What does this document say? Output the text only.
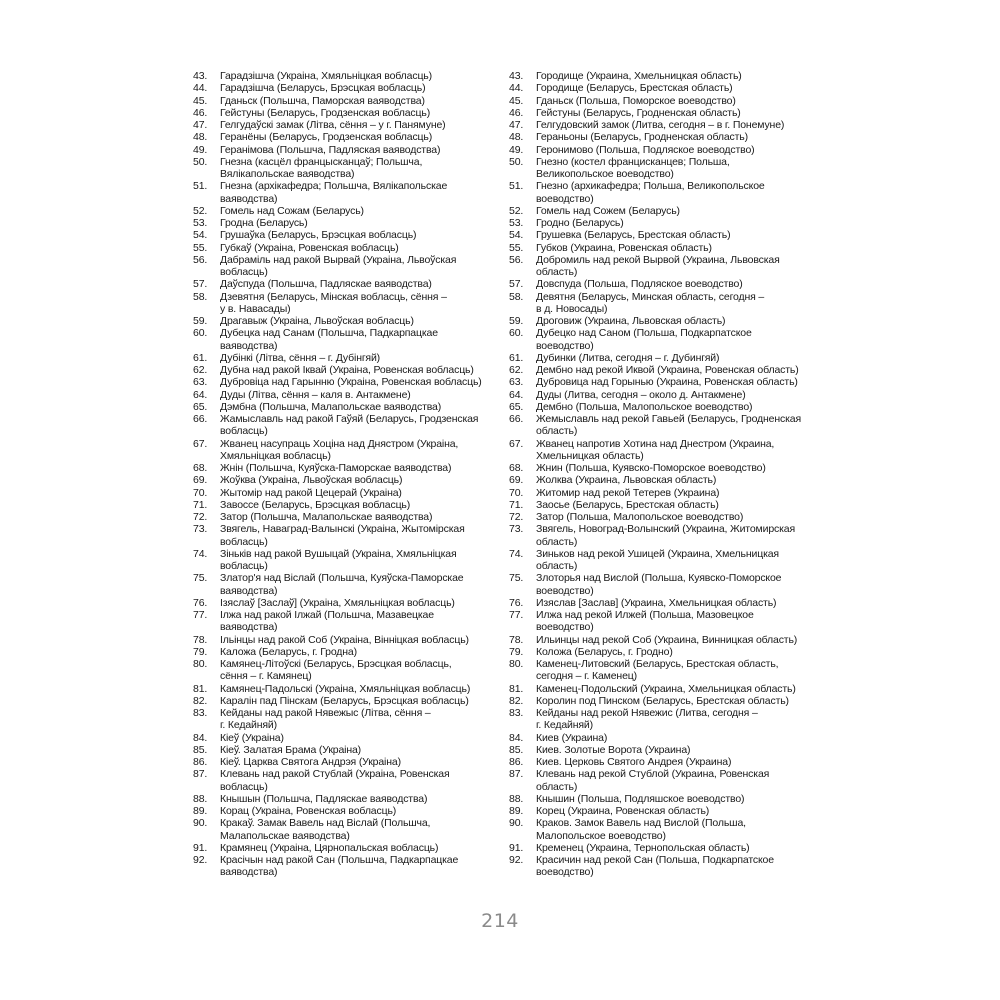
43.	Гарадзішча (Украіна, Хмяльніцкая вобласць)
44.	Гарадзішча (Беларусь, Брэсцкая вобласць)
45.	Гданьск (Польшча, Паморская ваяводства)
46.	Гейстуны (Беларусь, Гродзенская вобласць)
47.	Гелгудаўскі замак (Літва, сёння – у г. Панямуне)
48.	Геранёны (Беларусь, Гродзенская вобласць)
49.	Геранімова (Польшча, Падляская ваяводства)
50.	Гнезна (касцёл францысканцаў; Польшча,
Вялікапольскае ваяводства)
51.	Гнезна (архікафедра; Польшча, Вялікапольскае
ваяводства)
52.	Гомель над Сожам (Беларусь)
53.	Гродна (Беларусь)
54.	Грушаўка (Беларусь, Брэсцкая вобласць)
55.	Губкаў (Украіна, Ровенская вобласць)
56.	Дабраміль над ракой Вырвай (Украіна, Львоўская
вобласць)
57.	Даўспуда (Польшча, Падляскае ваяводства)
58.	Дзевятня (Беларусь, Мінская вобласць, сёння –
у в. Навасады)
59.	Драгавыж (Украіна, Львоўская вобласць)
60.	Дубецка над Санам (Польшча, Падкарпацкае
ваяводства)
61.	Дубінкі (Літва, сёння – г. Дубінгяй)
62.	Дубна над ракой Іквай (Украіна, Ровенская вобласць)
63.	Дубровіца над Гарынню (Украіна, Ровенская вобласць)
64.	Дуды (Літва, сёння – каля в. Антакмене)
65.	Дэмбна (Польшча, Малапольскае ваяводства)
66.	Жамыславль над ракой Гаўяй (Беларусь, Гродзенская
вобласць)
67.	Жванец насупраць Хоціна над Днястром (Украіна,
Хмяльніцкая вобласць)
68.	Жнін (Польшча, Куяўска-Паморскае ваяводства)
69.	Жоўква (Украіна, Львоўская вобласць)
70.	Жытомір над ракой Цецерай (Украіна)
71.	Завоссе (Беларусь, Брэсцкая вобласць)
72.	Затор (Польшча, Малапольскае ваяводства)
73.	Звягель, Наваград-Валынскі (Украіна, Жытомірская
вобласць)
74.	Зіньків над ракой Вушыцай (Украіна, Хмяльніцкая
вобласць)
75.	Златор'я над Віслай (Польшча, Куяўска-Паморскае
ваяводства)
76.	Ізяслаў [Заслаў] (Украіна, Хмяльніцкая вобласць)
77.	Ілжа над ракой Ілжай (Польшча, Мазавецкае
ваяводства)
78.	Ільінцы над ракой Соб (Украіна, Вінніцкая вобласць)
79.	Каложа (Беларусь, г. Гродна)
80.	Камянец-Літоўскі (Беларусь, Брэсцкая вобласць,
сёння – г. Камянец)
81.	Камянец-Падольскі (Украіна, Хмяльніцкая вобласць)
82.	Каралін пад Пінскам (Беларусь, Брэсцкая вобласць)
83.	Кейданы над ракой Нявежыс (Літва, сёння –
г. Кедайняй)
84.	Кіеў (Украіна)
85.	Кіеў. Залатая Брама (Украіна)
86.	Кіеў. Царква Святога Андрэя (Украіна)
87.	Клевань над ракой Стублай (Украіна, Ровенская
вобласць)
88.	Кнышын (Польшча, Падляскае ваяводства)
89.	Корац (Украіна, Ровенская вобласць)
90.	Кракаў. Замак Вавель над Віслай (Польшча,
Малапольскае ваяводства)
91.	Крамянец (Украіна, Цярнопальская вобласць)
92.	Красічын над ракой Сан (Польшча, Падкарпацкае
ваяводства)
43.	Городище (Украина, Хмельницкая область)
44.	Городище (Беларусь, Брестская область)
45.	Гданьск (Польша, Поморское воеводство)
46.	Гейстуны (Беларусь, Гродненская область)
47.	Гелгудовский замок (Литва, сегодня – в г. Понемуне)
48.	Гераньоны (Беларусь, Гродненская область)
49.	Геронимово (Польша, Подляское воеводство)
50.	Гнезно (костел францисканцев; Польша,
Великопольское воеводство)
51.	Гнезно (архикафедра; Польша, Великопольское
воеводство)
52.	Гомель над Сожем (Беларусь)
53.	Гродно (Беларусь)
54.	Грушевка (Беларусь, Брестская область)
55.	Губков (Украина, Ровенская область)
56.	Добромиль над рекой Вырвой (Украина, Львовская
область)
57.	Довспуда (Польша, Подляское воеводство)
58.	Девятня (Беларусь, Минская область, сегодня –
в д. Новосады)
59.	Дроговиж (Украина, Львовская область)
60.	Дубецко над Саном (Польша, Подкарпатское
воеводство)
61.	Дубинки (Литва, сегодня – г. Дубингяй)
62.	Дембно над рекой Иквой (Украина, Ровенская область)
63.	Дубровица над Горынью (Украина, Ровенская область)
64.	Дуды (Литва, сегодня – около д. Антакмене)
65.	Дембно (Польша, Малопольское воеводство)
66.	Жемыславль над рекой Гавьей (Беларусь, Гродненская
область)
67.	Жванец напротив Хотина над Днестром (Украина,
Хмельницкая область)
68.	Жнин (Польша, Куявско-Поморское воеводство)
69.	Жолква (Украина, Львовская область)
70.	Житомир над рекой Тетерев (Украина)
71.	Заосье (Беларусь, Брестская область)
72.	Затор (Польша, Малопольское воеводство)
73.	Звягель, Новоград-Волынский (Украина, Житомирская
область)
74.	Зиньков над рекой Ушицей (Украина, Хмельницкая
область)
75.	Злоторья над Вислой (Польша, Куявско-Поморское
воеводство)
76.	Изяслав [Заслав] (Украина, Хмельницкая область)
77.	Илжа над рекой Илжей (Польша, Мазовецкое
воеводство)
78.	Ильинцы над рекой Соб (Украина, Винницкая область)
79.	Коложа (Беларусь, г. Гродно)
80.	Каменец-Литовский (Беларусь, Брестская область,
сегодня – г. Каменец)
81.	Каменец-Подольский (Украина, Хмельницкая область)
82.	Королин под Пинском (Беларусь, Брестская область)
83.	Кейданы над рекой Нявежис (Литва, сегодня –
г. Кедайняй)
84.	Киев (Украина)
85.	Киев. Золотые Ворота (Украина)
86.	Киев. Церковь Святого Андрея (Украина)
87.	Клевань над рекой Стублой (Украина, Ровенская
область)
88.	Кнышин (Польша, Подляшское воеводство)
89.	Корец (Украина, Ровенская область)
90.	Краков. Замок Вавель над Вислой (Польша,
Малопольское воеводство)
91.	Кременец (Украина, Тернопольская область)
92.	Красичин над рекой Сан (Польша, Подкарпатское
воеводство)
214
